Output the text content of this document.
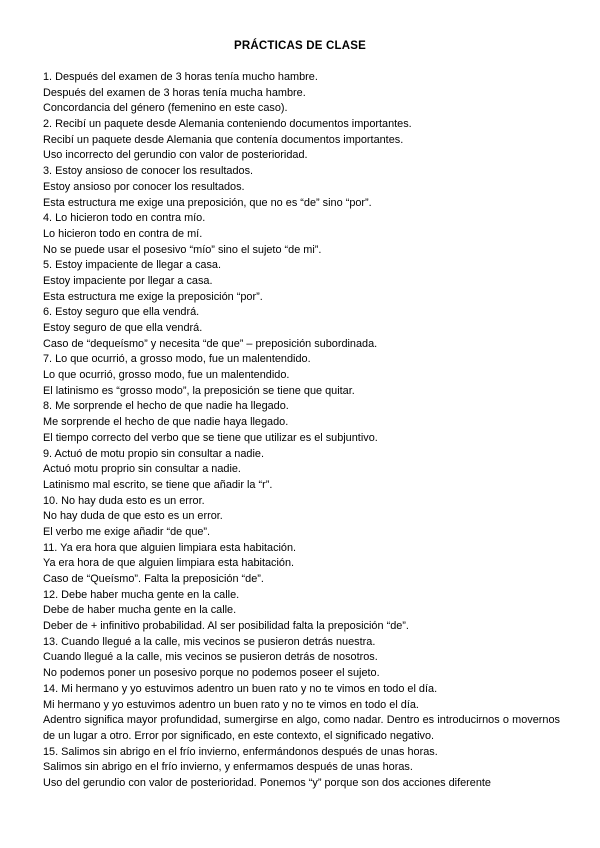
PRÁCTICAS DE CLASE
1. Después del examen de 3 horas tenía mucho hambre.
Después del examen de 3 horas tenía mucha hambre.
Concordancia del género (femenino en este caso).
2. Recibí un paquete desde Alemania conteniendo documentos importantes.
Recibí un paquete desde Alemania que contenía documentos importantes.
Uso incorrecto del gerundio con valor de posterioridad.
3. Estoy ansioso de conocer los resultados.
Estoy ansioso por conocer los resultados.
Esta estructura me exige una preposición, que no es “de” sino “por”.
4. Lo hicieron todo en contra mío.
Lo hicieron todo en contra de mí.
No se puede usar el posesivo “mío” sino el sujeto “de mi”.
5. Estoy impaciente de llegar a casa.
Estoy impaciente por llegar a casa.
Esta estructura me exige la preposición “por”.
6. Estoy seguro que ella vendrá.
Estoy seguro de que ella vendrá.
Caso de “dequeísmo” y necesita “de que” – preposición subordinada.
7. Lo que ocurrió, a grosso modo, fue un malentendido.
Lo que ocurrió, grosso modo, fue un malentendido.
El latinismo es “grosso modo”, la preposición se tiene que quitar.
8. Me sorprende el hecho de que nadie ha llegado.
Me sorprende el hecho de que nadie haya llegado.
El tiempo correcto del verbo que se tiene que utilizar es el subjuntivo.
9. Actuó de motu propio sin consultar a nadie.
Actuó motu proprio sin consultar a nadie.
Latinismo mal escrito, se tiene que añadir la “r”.
10. No hay duda esto es un error.
No hay duda de que esto es un error.
El verbo me exige añadir “de que”.
11. Ya era hora que alguien limpiara esta habitación.
Ya era hora de que alguien limpiara esta habitación.
Caso de “Queísmo”. Falta la preposición “de”.
12. Debe haber mucha gente en la calle.
Debe de haber mucha gente en la calle.
Deber de + infinitivo probabilidad. Al ser posibilidad falta la preposición “de”.
13. Cuando llegué a la calle, mis vecinos se pusieron detrás nuestra.
Cuando llegué a la calle, mis vecinos se pusieron detrás de nosotros.
No podemos poner un posesivo porque no podemos poseer el sujeto.
14. Mi hermano y yo estuvimos adentro un buen rato y no te vimos en todo el día.
Mi hermano y yo estuvimos adentro un buen rato y no te vimos en todo el día.
Adentro significa mayor profundidad, sumergirse en algo, como nadar. Dentro es introducirnos o movernos de un lugar a otro. Error por significado, en este contexto, el significado negativo.
15. Salimos sin abrigo en el frío invierno, enfermándonos después de unas horas.
Salimos sin abrigo en el frío invierno, y enfermamos después de unas horas.
Uso del gerundio con valor de posterioridad. Ponemos “y” porque son dos acciones diferente
